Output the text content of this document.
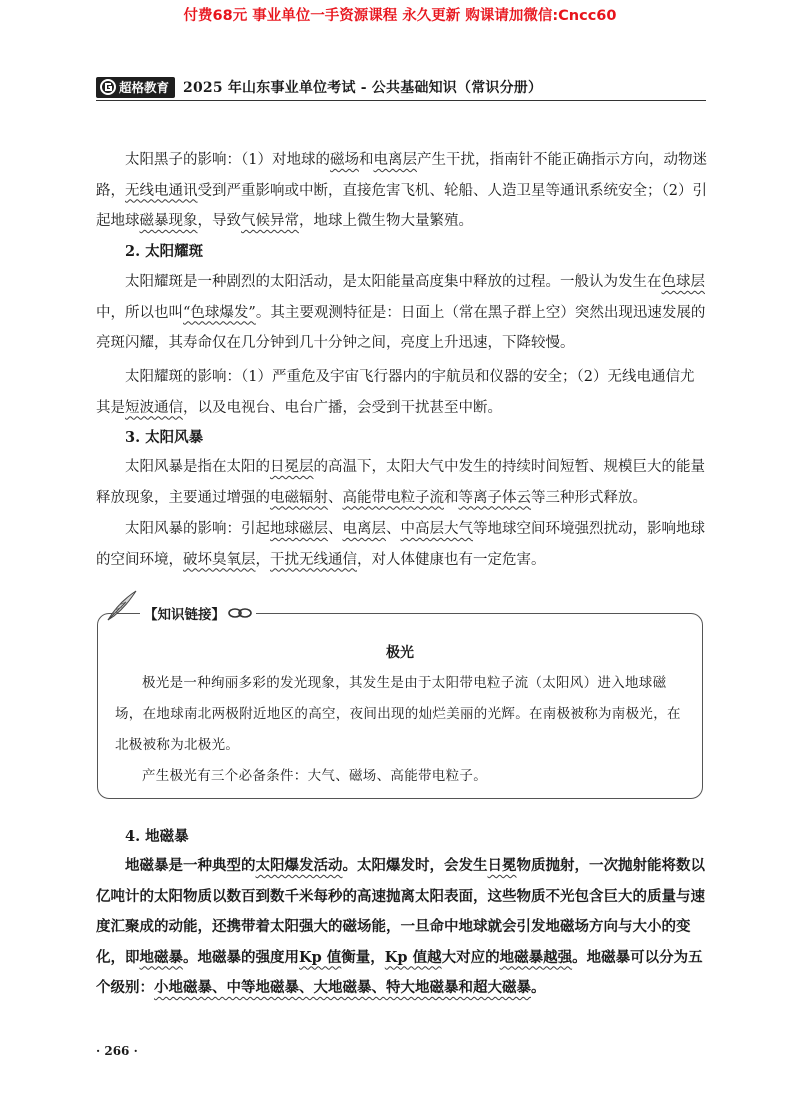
付费68元 事业单位一手资源课程 永久更新 购课请加微信:Cncc60
超格教育 2025 年山东事业单位考试 - 公共基础知识（常识分册）

太阳黑子的影响：（1）对地球的磁场和电离层产生干扰，指南针不能正确指示方向，动物迷路，无线电通讯受到严重影响或中断，直接危害飞机、轮船、人造卫星等通讯系统安全；（2）引起地球磁暴现象，导致气候异常，地球上微生物大量繁殖。

2. 太阳耀斑

太阳耀斑是一种剧烈的太阳活动，是太阳能量高度集中释放的过程。一般认为发生在色球层中，所以也叫“色球爆发”。其主要观测特征是：日面上（常在黑子群上空）突然出现迅速发展的亮斑闪耀，其寿命仅在几分钟到几十分钟之间，亮度上升迅速，下降较慢。

太阳耀斑的影响：（1）严重危及宇宙飞行器内的宇航员和仪器的安全；（2）无线电通信尤其是短波通信，以及电视台、电台广播，会受到干扰甚至中断。

3. 太阳风暴

太阳风暴是指在太阳的日冕层的高温下，太阳大气中发生的持续时间短暂、规模巨大的能量释放现象，主要通过增强的电磁辐射、高能带电粒子流和等离子体云等三种形式释放。

太阳风暴的影响：引起地球磁层、电离层、中高层大气等地球空间环境强烈扰动，影响地球的空间环境，破坏臭氧层，干扰无线通信，对人体健康也有一定危害。

【知识链接】
极光

极光是一种绚丽多彩的发光现象，其发生是由于太阳带电粒子流（太阳风）进入地球磁场，在地球南北两极附近地区的高空，夜间出现的灿烂美丽的光辉。在南极被称为南极光，在北极被称为北极光。

产生极光有三个必备条件：大气、磁场、高能带电粒子。

4. 地磁暴

地磁暴是一种典型的太阳爆发活动。太阳爆发时，会发生日冕物质抛射，一次抛射能将数以亿吨计的太阳物质以数百到数千米每秒的高速抛离太阳表面，这些物质不光包含巨大的质量与速度汇聚成的动能，还携带着太阳强大的磁场能，一旦命中地球就会引发地磁场方向与大小的变化，即地磁暴。地磁暴的强度用Kp 值衡量，Kp 值越大对应的地磁暴越强。地磁暴可以分为五个级别：小地磁暴、中等地磁暴、大地磁暴、特大地磁暴和超大磁暴。

· 266 ·
